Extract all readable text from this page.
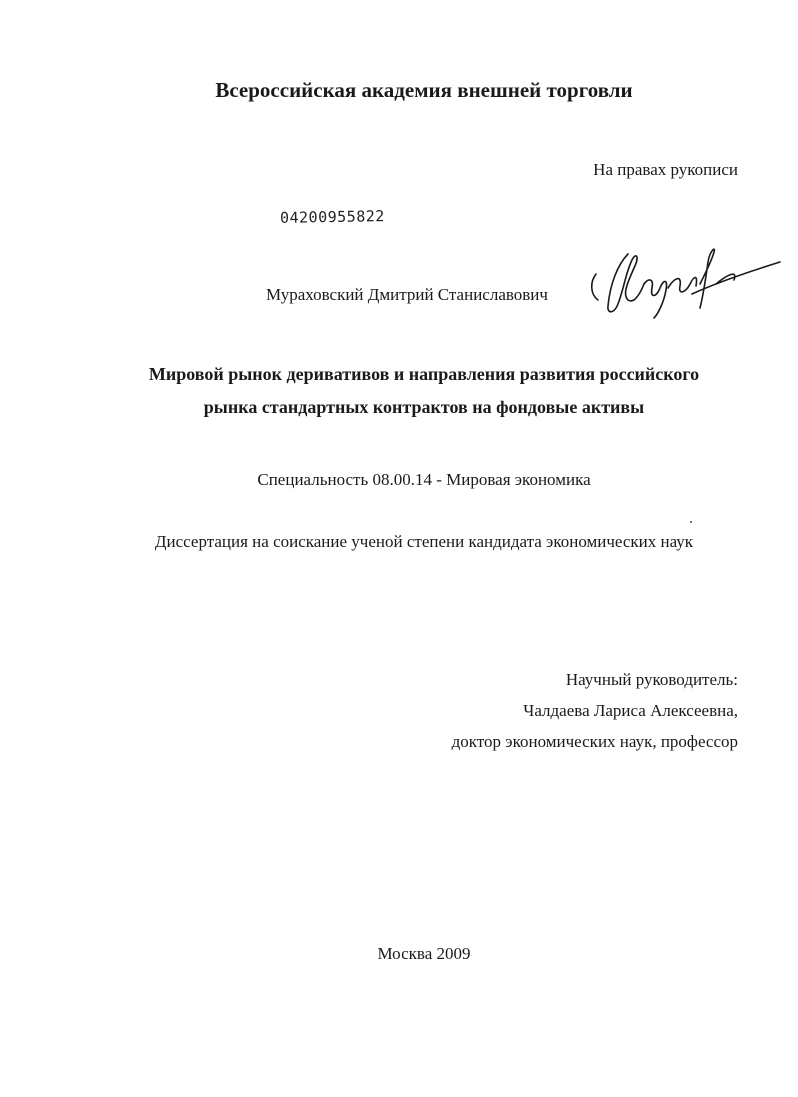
Всероссийская академия внешней торговли
На правах рукописи
04200955822
Мураховский Дмитрий Станиславович
Мировой рынок деривативов и направления развития российского
рынка стандартных контрактов на фондовые активы
Специальность 08.00.14 - Мировая экономика
Диссертация на соискание ученой степени кандидата экономических наук
Научный руководитель:
Чалдаева Лариса Алексеевна,
доктор экономических наук, профессор
Москва 2009
